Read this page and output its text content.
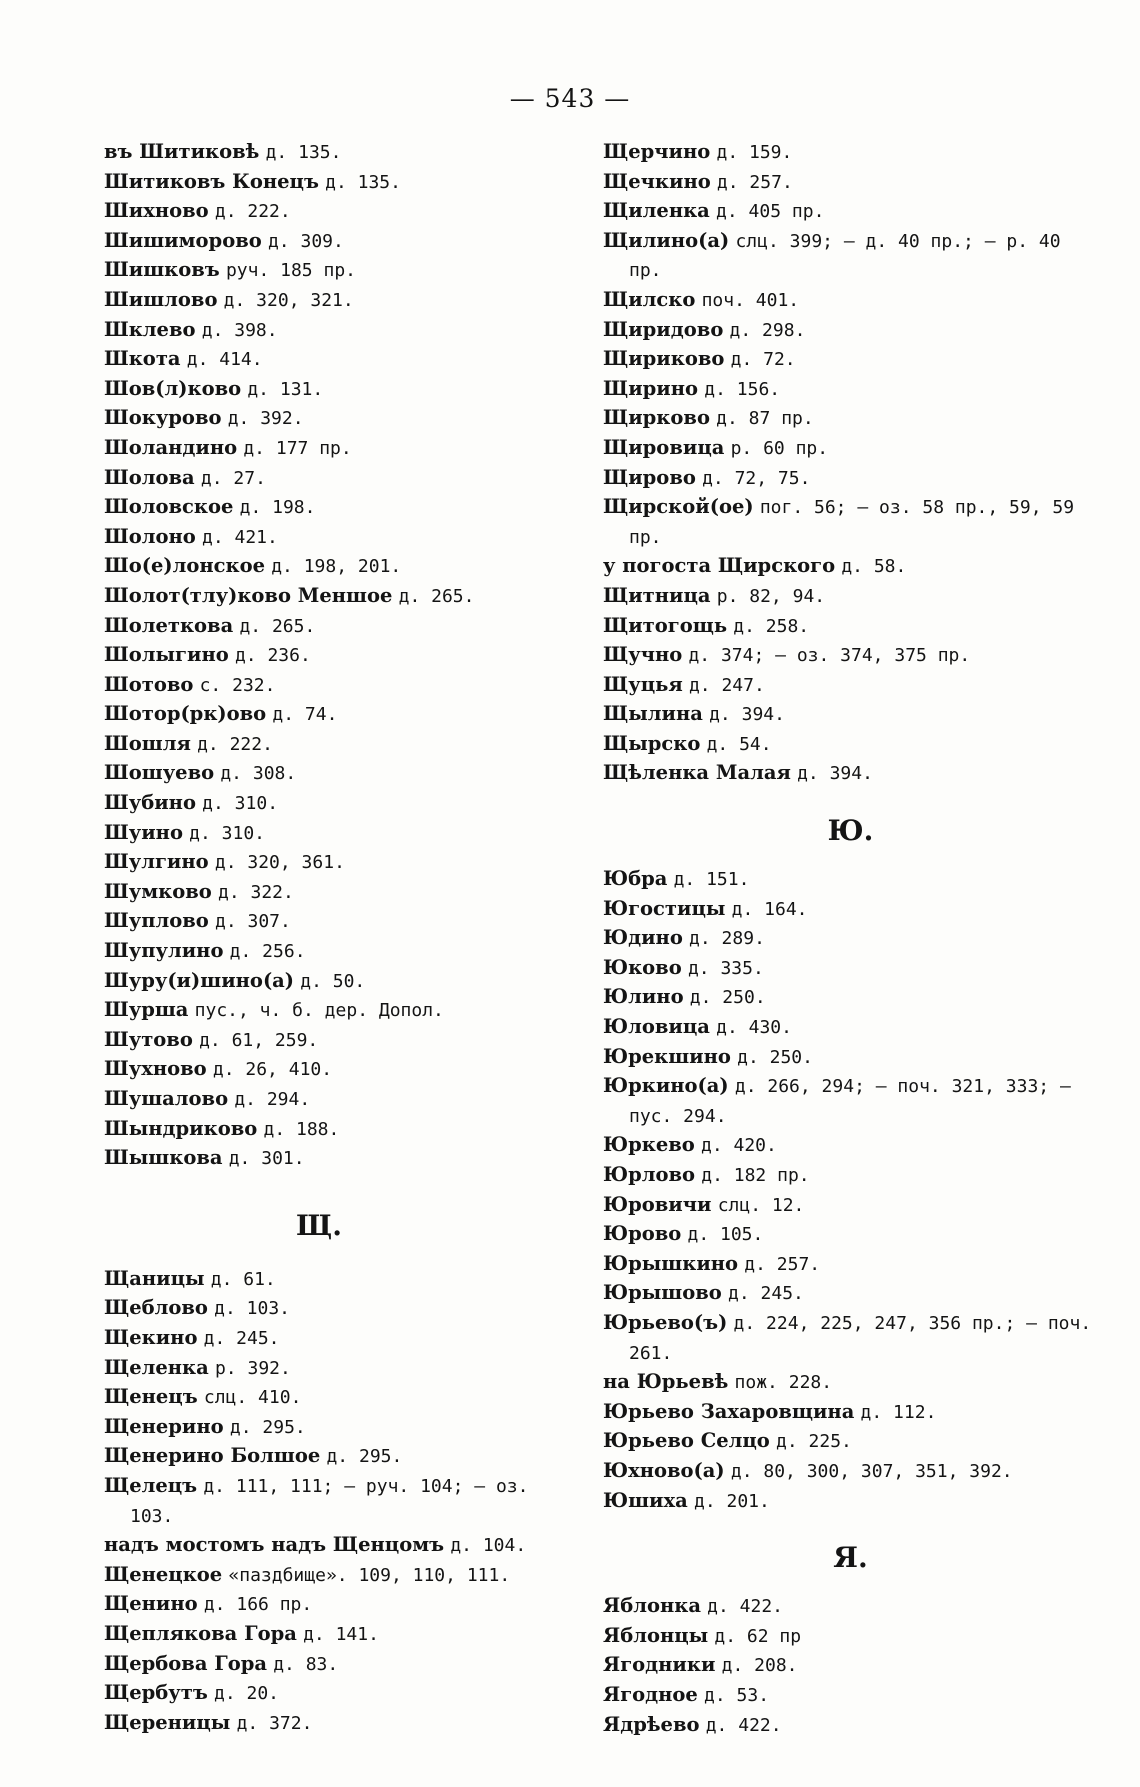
— 543 —
въ Шитиковѣ д. 135.
Шитиковъ Конецъ д. 135.
Шихново д. 222.
Шишиморово д. 309.
Шишковъ руч. 185 пр.
Шишлово д. 320, 321.
Шклево д. 398.
Шкота д. 414.
Шов(л)ково д. 131.
Шокурово д. 392.
Шоландино д. 177 пр.
Шолова д. 27.
Шоловское д. 198.
Шолоно д. 421.
Шо(е)лонское д. 198, 201.
Шолот(тлу)ково Меншое д. 265.
Шолеткова д. 265.
Шолыгино д. 236.
Шотово с. 232.
Шотор(рк)ово д. 74.
Шошля д. 222.
Шошуево д. 308.
Шубино д. 310.
Шуино д. 310.
Шулгино д. 320, 361.
Шумково д. 322.
Шуплово д. 307.
Шупулино д. 256.
Шуру(и)шино(а) д. 50.
Шурша пус., ч. б. дер. Допол.
Шутово д. 61, 259.
Шухново д. 26, 410.
Шушалово д. 294.
Шындриково д. 188.
Шышкова д. 301.
Щ.
Щаницы д. 61.
Щеблово д. 103.
Щекино д. 245.
Щеленка р. 392.
Щенецъ слц. 410.
Щенерино д. 295.
Щенерино Болшое д. 295.
Щелецъ д. 111, 111; — руч. 104; — оз. 103.
надъ мостомъ надъ Щенцомъ д. 104.
Щенецкое «паздбище». 109, 110, 111.
Щенино д. 166 пр.
Щеплякова Гора д. 141.
Щербова Гора д. 83.
Щербутъ д. 20.
Щереницы д. 372.
Щерчино д. 159.
Щечкино д. 257.
Щиленка д. 405 пр.
Щилино(а) слц. 399; — д. 40 пр.; — р. 40 пр.
Щилско поч. 401.
Щиридово д. 298.
Щириково д. 72.
Щирино д. 156.
Щирково д. 87 пр.
Щировица р. 60 пр.
Щирово д. 72, 75.
Щирской(ое) пог. 56; — оз. 58 пр., 59, 59 пр.
у погоста Щирского д. 58.
Щитница р. 82, 94.
Щитогощь д. 258.
Щучно д. 374; — оз. 374, 375 пр.
Щуцья д. 247.
Щылина д. 394.
Щырско д. 54.
Щѣленка Малая д. 394.
Ю.
Юбра д. 151.
Югостицы д. 164.
Юдино д. 289.
Юково д. 335.
Юлино д. 250.
Юловица д. 430.
Юрекшино д. 250.
Юркино(а) д. 266, 294; — поч. 321, 333; — пус. 294.
Юркево д. 420.
Юрлово д. 182 пр.
Юровичи слц. 12.
Юрово д. 105.
Юрышкино д. 257.
Юрышово д. 245.
Юрьево(ъ) д. 224, 225, 247, 356 пр.; — поч. 261.
на Юрьевѣ пож. 228.
Юрьево Захаровщина д. 112.
Юрьево Селцо д. 225.
Юхново(а) д. 80, 300, 307, 351, 392.
Юшиха д. 201.
Я.
Яблонка д. 422.
Яблонцы д. 62 пр
Ягодники д. 208.
Ягодное д. 53.
Ядрѣево д. 422.
